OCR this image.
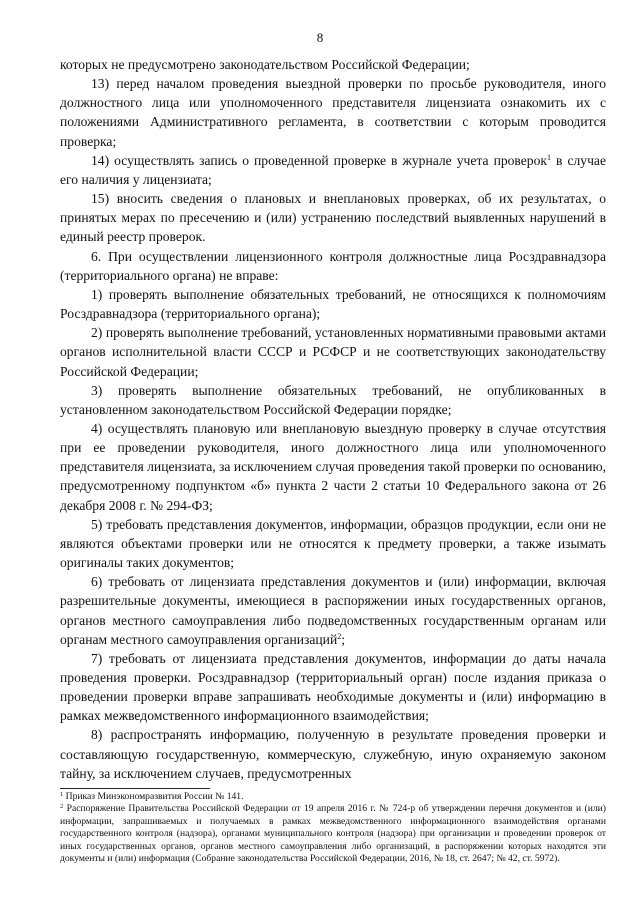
8

которых не предусмотрено законодательством Российской Федерации;

13) перед началом проведения выездной проверки по просьбе руководителя, иного должностного лица или уполномоченного представителя лицензиата ознакомить их с положениями Административного регламента, в соответствии с которым проводится проверка;

14) осуществлять запись о проведенной проверке в журнале учета проверок$^1$ в случае его наличия у лицензиата;

15) вносить сведения о плановых и внеплановых проверках, об их результатах, о принятых мерах по пресечению и (или) устранению последствий выявленных нарушений в единый реестр проверок.

6. При осуществлении лицензионного контроля должностные лица Росздравнадзора (территориального органа) не вправе:

1) проверять выполнение обязательных требований, не относящихся к полномочиям Росздравнадзора (территориального органа);

2) проверять выполнение требований, установленных нормативными правовыми актами органов исполнительной власти СССР и РСФСР и не соответствующих законодательству Российской Федерации;

3) проверять выполнение обязательных требований, не опубликованных в установленном законодательством Российской Федерации порядке;

4) осуществлять плановую или внеплановую выездную проверку в случае отсутствия при ее проведении руководителя, иного должностного лица или уполномоченного представителя лицензиата, за исключением случая проведения такой проверки по основанию, предусмотренному подпунктом «б» пункта 2 части 2 статьи 10 Федерального закона от 26 декабря 2008 г. № 294-ФЗ;

5) требовать представления документов, информации, образцов продукции, если они не являются объектами проверки или не относятся к предмету проверки, а также изымать оригиналы таких документов;

6) требовать от лицензиата представления документов и (или) информации, включая разрешительные документы, имеющиеся в распоряжении иных государственных органов, органов местного самоуправления либо подведомственных государственным органам или органам местного самоуправления организаций$^2$;

7) требовать от лицензиата представления документов, информации до даты начала проведения проверки. Росздравнадзор (территориальный орган) после издания приказа о проведении проверки вправе запрашивать необходимые документы и (или) информацию в рамках межведомственного информационного взаимодействия;

8) распространять информацию, полученную в результате проведения проверки и составляющую государственную, коммерческую, служебную, иную охраняемую законом тайну, за исключением случаев, предусмотренных

$^1$ Приказ Минэкономразвития России № 141.

$^2$ Распоряжение Правительства Российской Федерации от 19 апреля 2016 г. № 724-р об утверждении перечня документов и (или) информации, запрашиваемых и получаемых в рамках межведомственного информационного взаимодействия органами государственного контроля (надзора), органами муниципального контроля (надзора) при организации и проведении проверок от иных государственных органов, органов местного самоуправления либо организаций, в распоряжении которых находятся эти документы и (или) информация (Собрание законодательства Российской Федерации, 2016, № 18, ст. 2647; № 42, ст. 5972).
